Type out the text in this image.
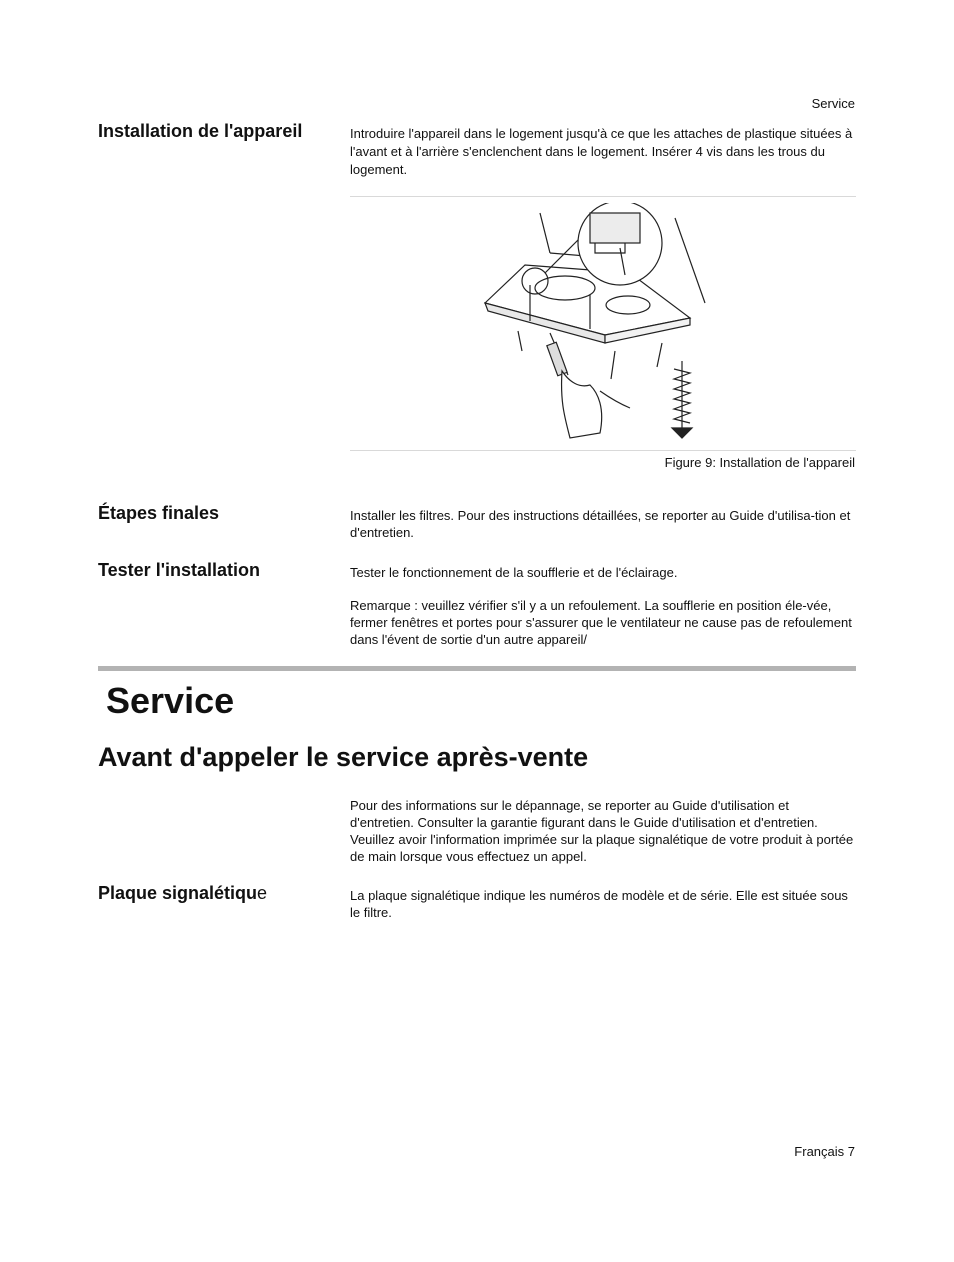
Service
Installation de l'appareil	Introduire l'appareil dans le logement jusqu'à ce que les attaches de plastique situées à l'avant et à l'arrière s'enclenchent dans le logement. Insérer 4 vis dans les trous du logement.
Figure 9: Installation de l'appareil
Étapes finales	Installer les filtres. Pour des instructions détaillées, se reporter au Guide d'utilisa-tion et d'entretien.
Tester l'installation	Tester le fonctionnement de la soufflerie et de l'éclairage.
Remarque : veuillez vérifier s'il y a un refoulement. La soufflerie en position éle-vée, fermer fenêtres et portes pour s'assurer que le ventilateur ne cause pas de refoulement dans l'évent de sortie d'un autre appareil/
Service
Avant d'appeler le service après-vente
Pour des informations sur le dépannage, se reporter au Guide d'utilisation et d'entretien. Consulter la garantie figurant dans le Guide d'utilisation et d'entretien. Veuillez avoir l'information imprimée sur la plaque signalétique de votre produit à portée de main lorsque vous effectuez un appel.
Plaque signalétique	La plaque signalétique indique les numéros de modèle et de série. Elle est située sous le filtre.
Français 7
